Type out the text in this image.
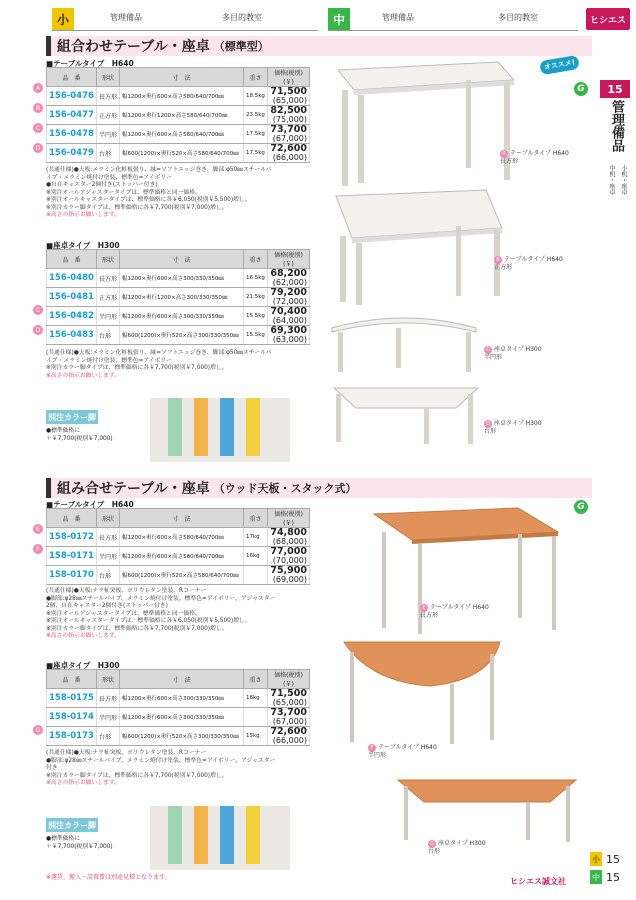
小	管理備品	多目的教室	中	管理備品	多目的教室	ヒシエス
15
管理備品
中机・座卓 小机・座卓
組合わせテーブル・座卓 （標準型）
オススメ!
G
■テーブルタイプ　H640
品　番	形状	寸　法	重さ	価格(税別)(￥)
156-0476	長方形	幅1200×奥行600×高さ580/640/700㎜	18.5kg	71,500
(65,000)

156-0477	正方形	幅1200×奥行1200×高さ580/640/700㎜	23.5kg	82,500
(75,000)

156-0478	半円形	幅1200×奥行600×高さ580/640/700㎜	17.5kg	73,700
(67,000)

156-0479	台形	幅600(1200)×奥行520×高さ580/640/700㎜	17.5kg	72,600
(66,000)
A
B
C
D
(共通仕様)●天板:メラミン化粧板張り、縁=ソフトエッジ巻き、脚部:φ50㎜スチールパ
イプ・メラミン焼付け塗装、標準色=アイボリー
●自在キャスター2個付き(ストッパー付き)
※別注オールアジャスタータイプは、標準価格と同一価格。
※別注オールキャスタータイプは、標準価格に各￥6,050(税別￥5,500)増し。
※別注カラー脚タイプは、標準価格に各￥7,700(税別￥7,000)増し。
※高さの指示お願いします。
■座卓タイプ　H300
品　番	形状	寸　法	重さ	価格(税別)(￥)
156-0480	長方形	幅1200×奥行600×高さ300/330/350㎜	16.5kg	68,200
(62,000)

156-0481	正方形	幅1200×奥行1200×高さ300/330/350㎜	21.5kg	79,200
(72,000)

156-0482	半円形	幅1200×奥行600×高さ300/330/350㎜	15.5kg	70,400
(64,000)

156-0483	台形	幅600(1200)×奥行520×高さ300/330/350㎜	15.5kg	69,300
(63,000)
C
D
(共通仕様)●天板:メラミン化粧板張り、縁=ソフトエッジ巻き、脚部:φ50㎜スチールパ
イプ・メラミン焼付け塗装、標準色=アイボリー
※別注カラー脚タイプは、標準価格に各￥7,700(税別￥7,000)増し。
※高さの指示お願いします。
別注カラー脚
●標準価格に
＋￥7,700(税別￥7,000)
A テーブルタイプ H640
長方形
B テーブルタイプ H640
正方形
C 座卓タイプ H300
半円形
D 座卓タイプ H300
台形
組み合せテーブル・座卓 （ウッド天板・スタック式）
G
■テーブルタイプ　H640
品　番	形状	寸　法	重さ	価格(税別)(￥)
158-0172	長方形	幅1200×奥行600×高さ580/640/700㎜	17kg	74,800
(68,000)

158-0171	半円形	幅1200×奥行600×高さ580/640/700㎜	16kg	77,000
(70,000)

158-0170	台形	幅600(1200)×奥行520×高さ580/640/700㎜		75,900
(69,000)
E
F
(共通仕様)●天板:ナラ柾突板、ポリウレタン塗装、Rコーナー
●脚部:φ28㎜スチールパイプ、メラミン焼付け塗装、標準色=アイボリー、アジャスター
2個、自在キャスター2個付き(ストッパー付き)
※別注オールアジャスタータイプは、標準価格と同一価格。
※別注オールキャスタータイプは、標準価格に各￥6,050(税別￥5,500)増し。
※別注カラー脚タイプは、標準価格に各￥7,700(税別￥7,000)増し。
※高さの指示お願いします。
■座卓タイプ　H300
品　番	形状	寸　法	重さ	価格(税別)(￥)
158-0175	長方形	幅1200×奥行600×高さ300/330/350㎜	16kg	71,500
(65,000)

158-0174	半円形	幅1200×奥行600×高さ300/330/350㎜		73,700
(67,000)

158-0173	台形	幅600(1200)×奥行520×高さ300/330/350㎜	15kg	72,600
(66,000)
G
(共通仕様)●天板:ナラ柾突板、ポリウレタン塗装、Rコーナー
●脚部:φ28㎜スチールパイプ、メラミン焼付け塗装、標準色=アイボリー、アジャスター
付き
※別注カラー脚タイプは、標準価格に各￥7,700(税別￥7,000)増し。
※高さの指示お願いします。
別注カラー脚
●標準価格に
＋￥7,700(税別￥7,000)
E テーブルタイプ H640
長方形
F テーブルタイプ H640
半円形
G 座卓タイプ H300
台形
※運賃、搬入・設置費は別途見積となります。	ヒシエス誠文社
小 15
中 15
